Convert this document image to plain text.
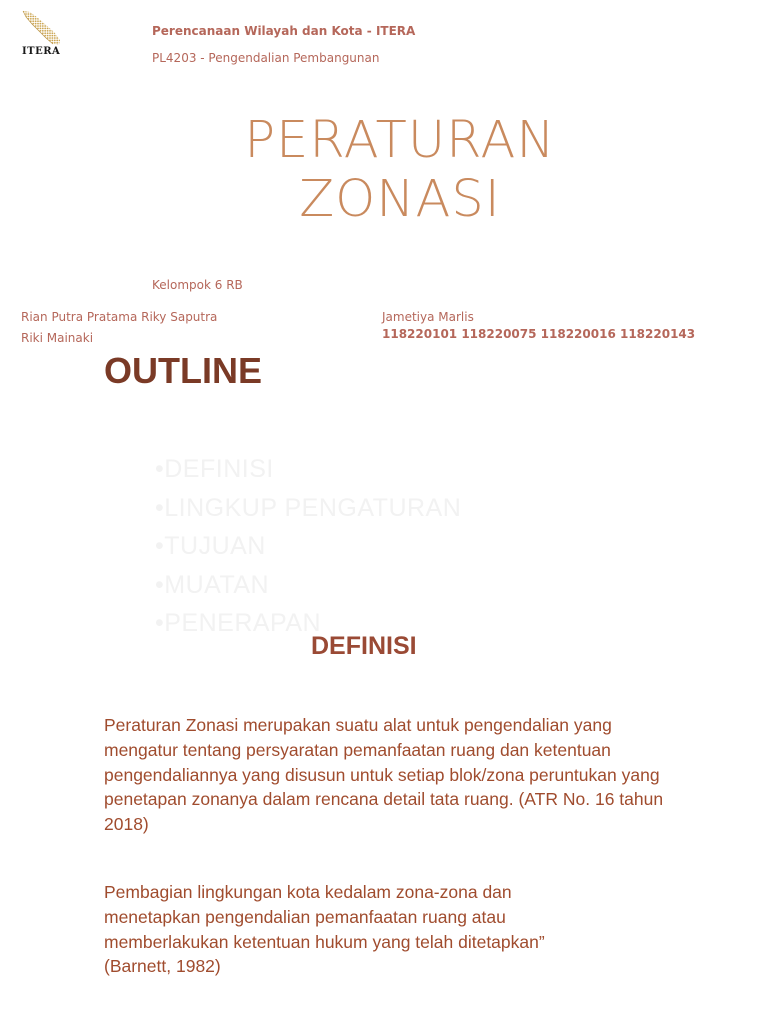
ITERA
Perencanaan Wilayah dan Kota - ITERA
PL4203 - Pengendalian Pembangunan
PERATURAN
ZONASI
Kelompok 6 RB
Rian Putra Pratama Riky Saputra
Riki Mainaki
Jametiya Marlis
118220101 118220075 118220016 118220143
OUTLINE
•DEFINISI
•LINGKUP PENGATURAN
•TUJUAN
•MUATAN
•PENERAPAN
DEFINISI
Peraturan Zonasi merupakan suatu alat untuk pengendalian yang mengatur tentang persyaratan pemanfaatan ruang dan ketentuan pengendaliannya yang disusun untuk setiap blok/zona peruntukan yang penetapan zonanya dalam rencana detail tata ruang. (ATR No. 16 tahun 2018)
Pembagian lingkungan kota kedalam zona-zona dan menetapkan pengendalian pemanfaatan ruang atau memberlakukan ketentuan hukum yang telah ditetapkan” (Barnett, 1982)
